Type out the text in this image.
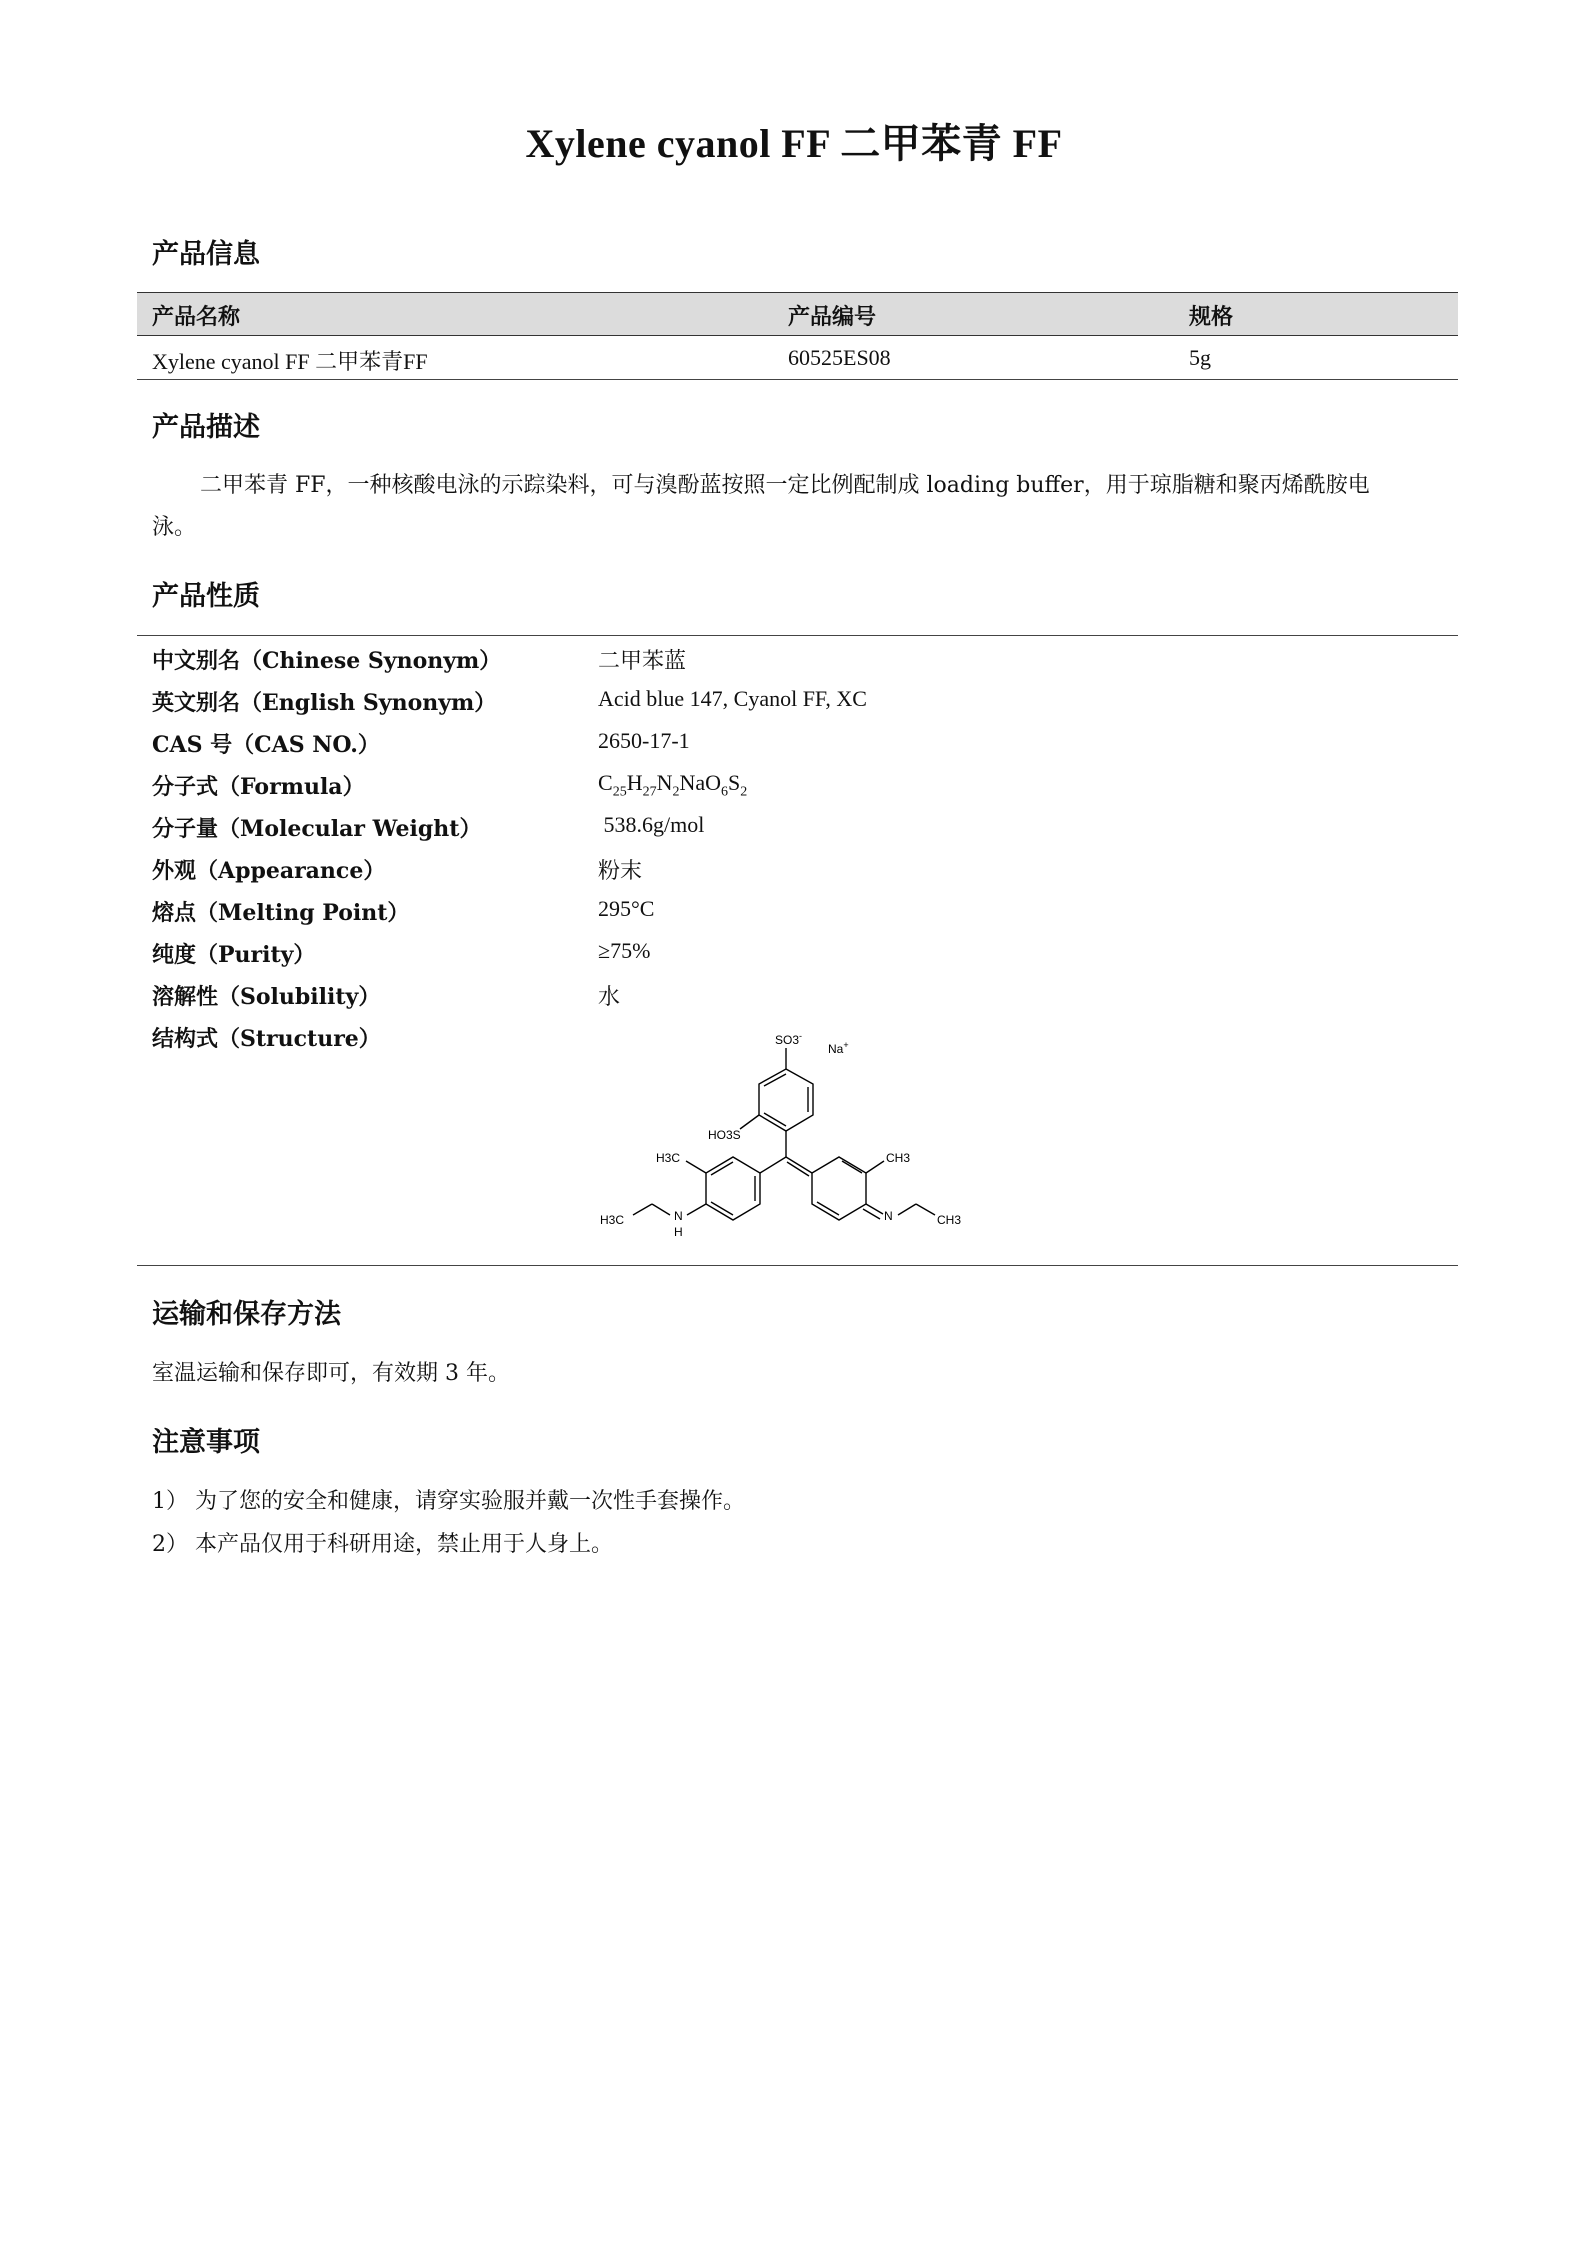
Xylene cyanol FF 二甲苯青 FF
产品信息
产品名称	产品编号	规格
Xylene cyanol FF 二甲苯青FF	60525ES08	5g
产品描述
二甲苯青 FF，一种核酸电泳的示踪染料，可与溴酚蓝按照一定比例配制成 loading buffer，用于琼脂糖和聚丙烯酰胺电
泳。
产品性质
中文别名（Chinese Synonym）	二甲苯蓝
英文别名（English Synonym）	Acid blue 147, Cyanol FF, XC
CAS 号（CAS NO.）	2650-17-1
分子式（Formula）	$C_{25}H_{27}N_2NaO_6S_2$
分子量（Molecular Weight）	538.6g/mol
外观（Appearance）	粉末
熔点（Melting Point）	295°C
纯度（Purity）	≥75%
溶解性（Solubility）	水
结构式（Structure）	SO3-
Na+
HO3S
H3C	CH3
H3C	N
H
N	CH3
运输和保存方法
室温运输和保存即可，有效期 3 年。
注意事项
1） 为了您的安全和健康，请穿实验服并戴一次性手套操作。
2） 本产品仅用于科研用途，禁止用于人身上。
